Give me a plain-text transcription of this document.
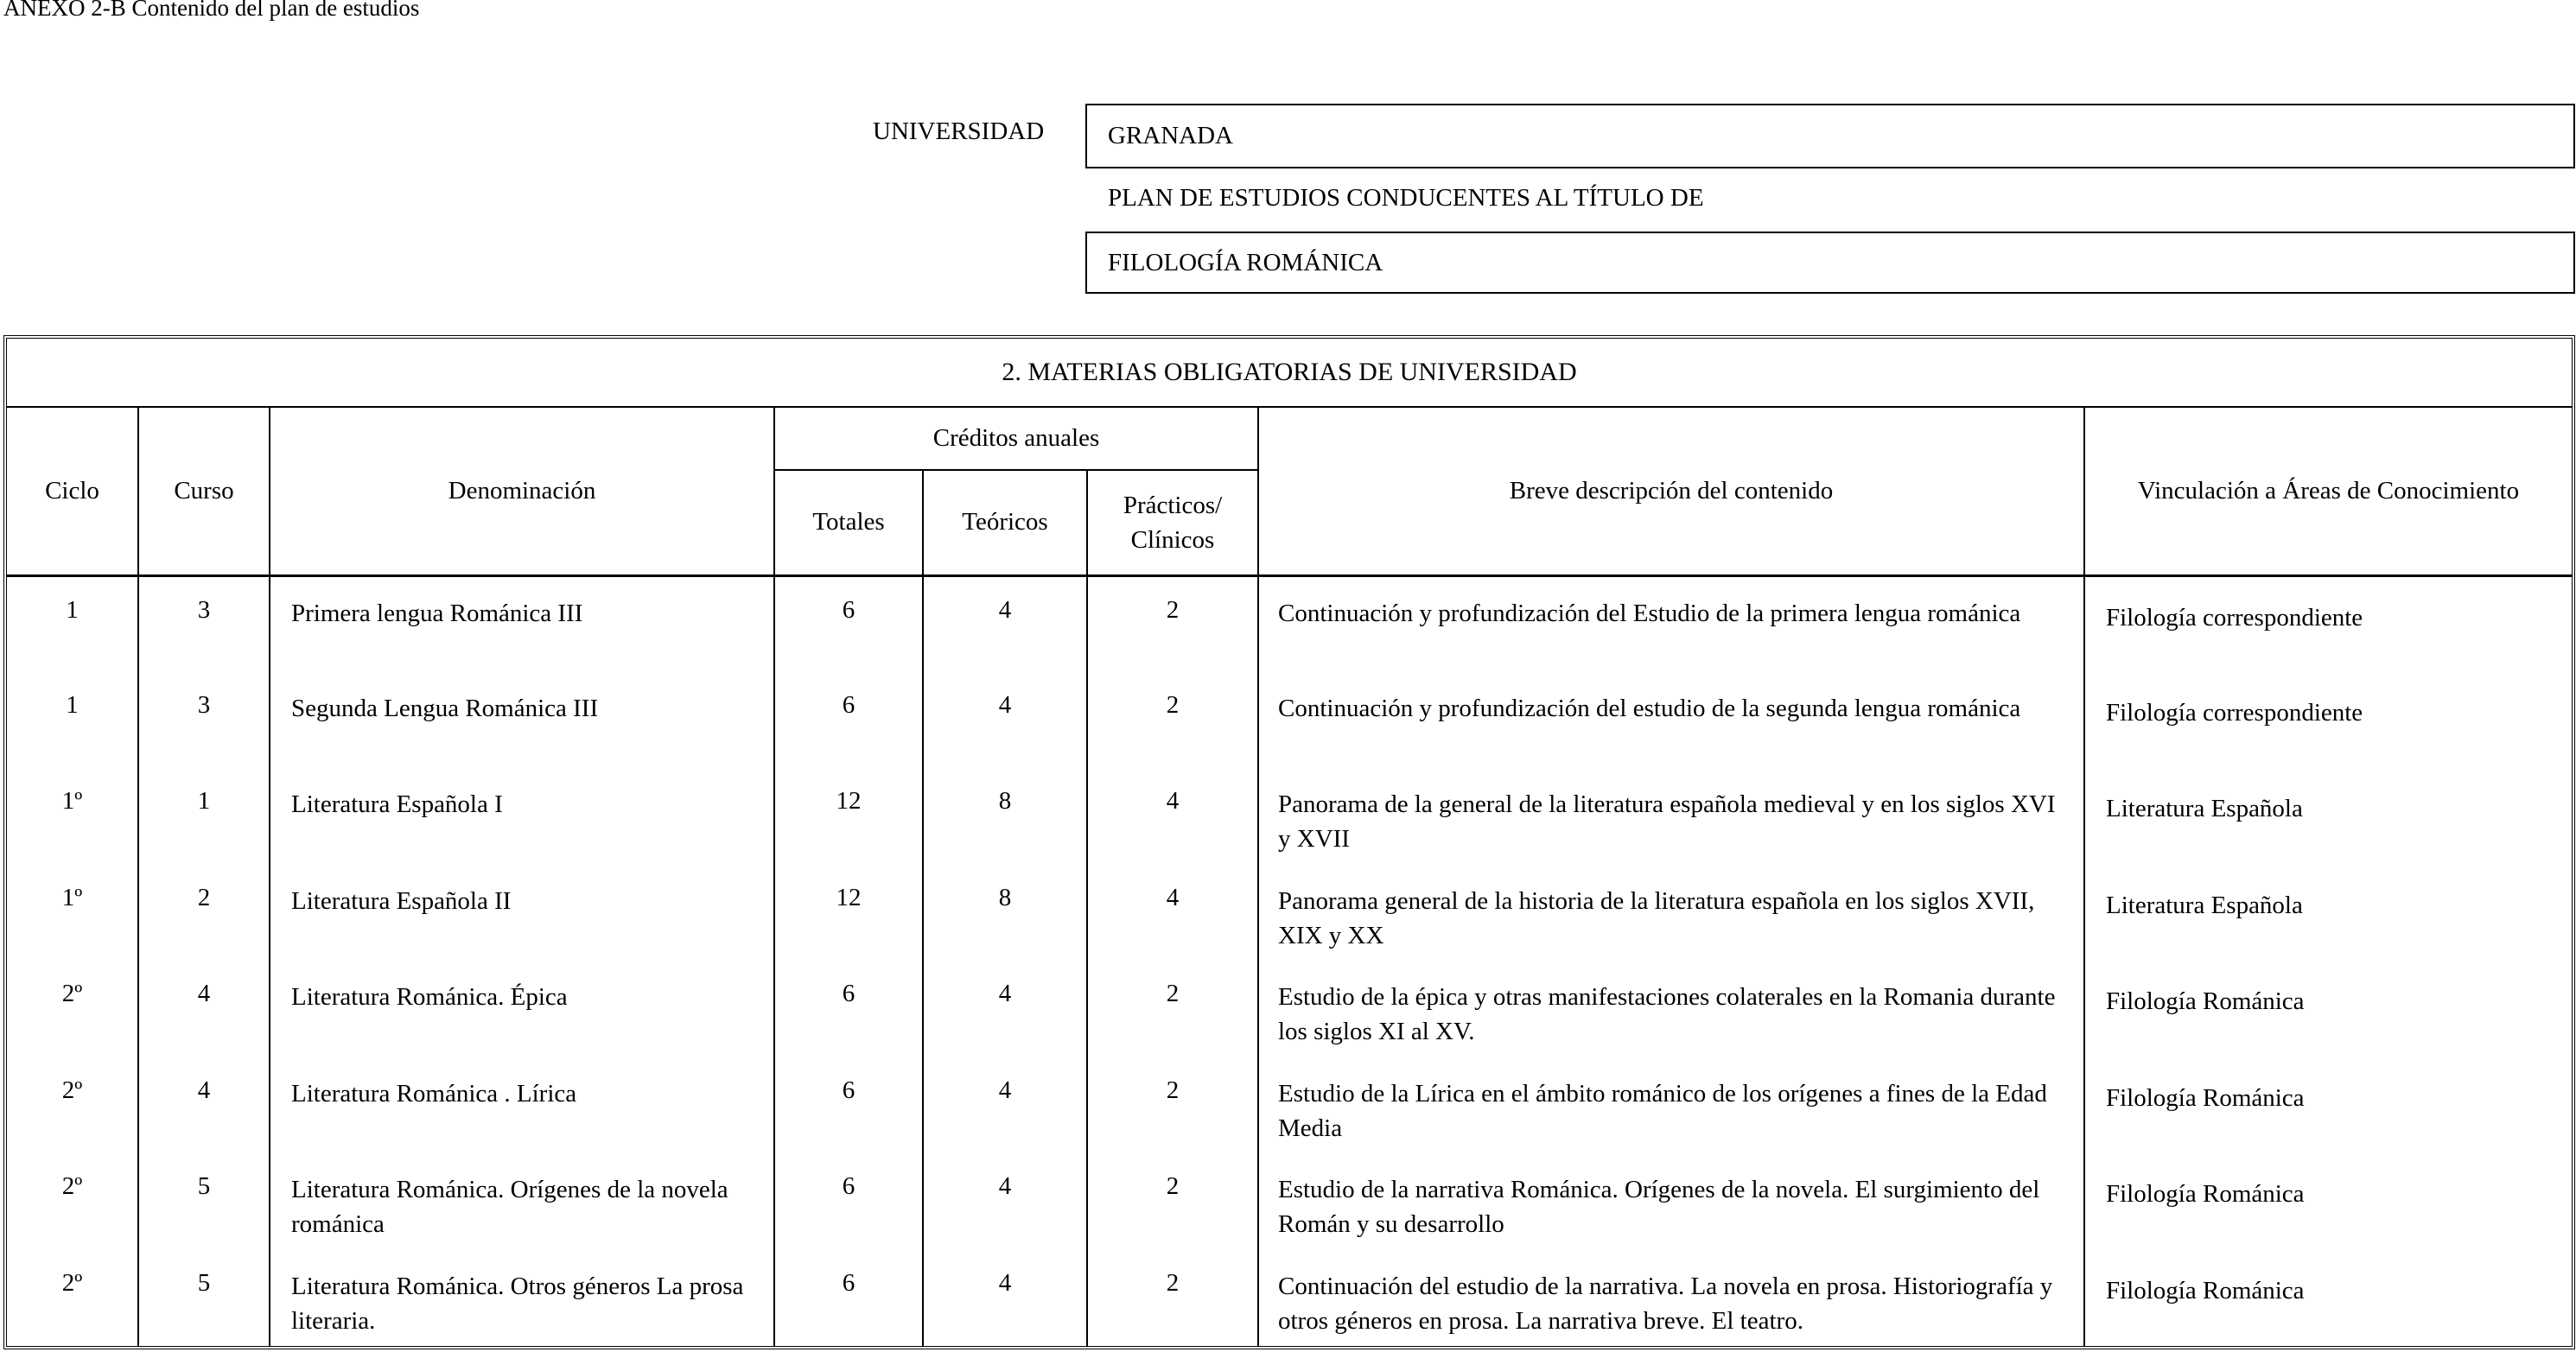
ANEXO 2-B Contenido del plan de estudios
UNIVERSIDAD	GRANADA
PLAN DE ESTUDIOS CONDUCENTES AL TÍTULO DE
FILOLOGÍA ROMÁNICA
2. MATERIAS OBLIGATORIAS DE UNIVERSIDAD							
Ciclo	Curso	Denominación	Créditos anuales			Breve descripción del contenido	Vinculación a Áreas de Conocimiento
			Totales	Teóricos	Prácticos/ Clínicos		
1	3	Primera lengua Románica III	6	4	2	Continuación y profundización del Estudio de la primera lengua románica	Filología correspondiente
1	3	Segunda Lengua Románica III	6	4	2	Continuación y profundización del estudio de la segunda lengua románica	Filología correspondiente
1º	1	Literatura Española I	12	8	4	Panorama de la general de la literatura española medieval y en los siglos XVI y XVII	Literatura Española
1º	2	Literatura Española II	12	8	4	Panorama general de la historia de la literatura española en los siglos XVII, XIX y XX	Literatura Española
2º	4	Literatura Románica. Épica	6	4	2	Estudio de la épica y otras manifestaciones colaterales en la Romania durante los siglos XI al XV.	Filología Románica
2º	4	Literatura Románica . Lírica	6	4	2	Estudio de la Lírica en el ámbito románico de los orígenes a fines de la Edad Media	Filología Románica
2º	5	Literatura Románica. Orígenes de la novela románica	6	4	2	Estudio de la narrativa Románica. Orígenes de la novela. El surgimiento del Román y su desarrollo	Filología Románica
2º	5	Literatura Románica. Otros géneros La prosa literaria.	6	4	2	Continuación del estudio de la narrativa. La novela en prosa. Historiografía y otros géneros en prosa. La narrativa breve. El teatro.	Filología Románica
